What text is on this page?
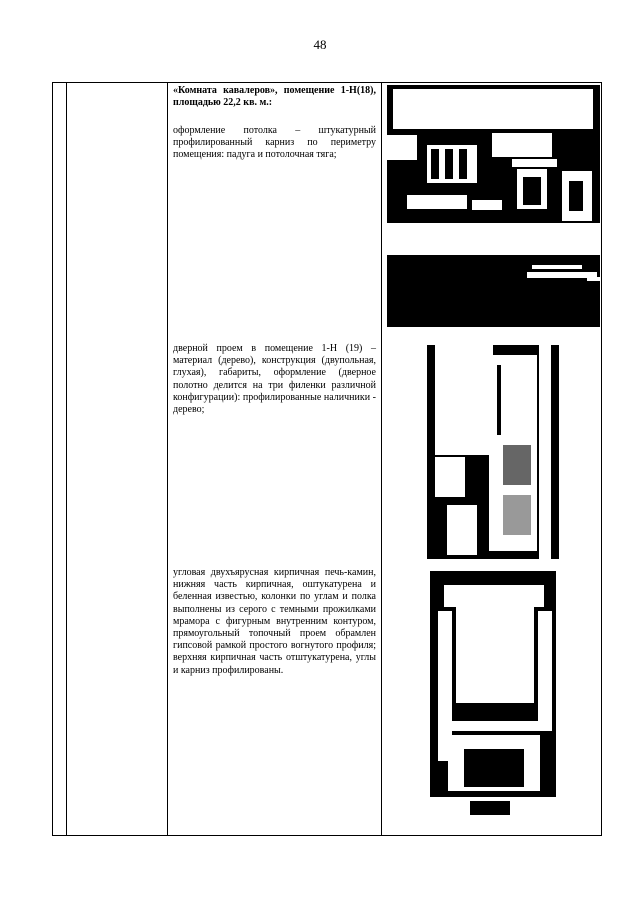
48
«Комната кавалеров», помещение 1-Н(18), площадью 22,2 кв. м.:
оформление потолка – штукатурный профилированный карниз по периметру помещения: падуга и потолочная тяга;
дверной проем в помещение 1-Н (19) – материал (дерево), конструкция (двупольная, глухая), габариты, оформление (дверное полотно делится на три филенки различной конфигурации): профилированные наличники - дерево;
угловая двухъярусная кирпичная печь-камин, нижняя часть кирпичная, оштукатурена и беленная известью, колонки по углам и полка выполнены из серого с темными прожилками мрамора с фигурным внутренним контуром, прямоугольный топочный проем обрамлен гипсовой рамкой простого вогнутого профиля; верхняя кирпичная часть отштукатурена, углы и карниз профилированы.
